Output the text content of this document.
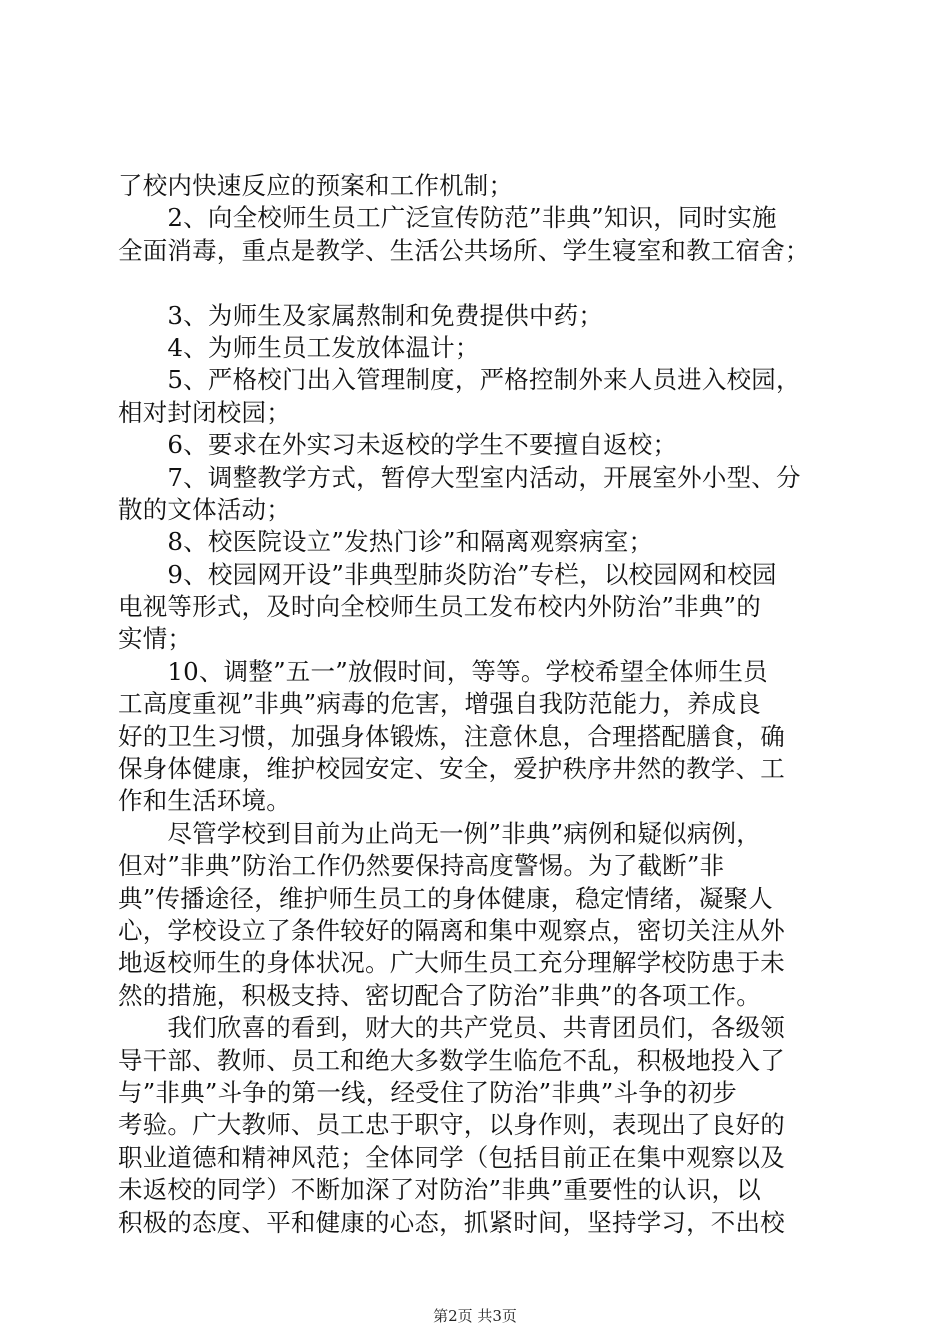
了校内快速反应的预案和工作机制；
　　2、向全校师生员工广泛宣传防范”非典”知识，同时实施
全面消毒，重点是教学、生活公共场所、学生寝室和教工宿舍；
　　3、为师生及家属熬制和免费提供中药；
　　4、为师生员工发放体温计；
　　5、严格校门出入管理制度，严格控制外来人员进入校园，
相对封闭校园；
　　6、要求在外实习未返校的学生不要擅自返校；
　　7、调整教学方式，暂停大型室内活动，开展室外小型、分
散的文体活动；
　　8、校医院设立”发热门诊”和隔离观察病室；
　　9、校园网开设”非典型肺炎防治”专栏，以校园网和校园
电视等形式，及时向全校师生员工发布校内外防治”非典”的
实情；
　　10、调整”五一”放假时间，等等。学校希望全体师生员
工高度重视”非典”病毒的危害，增强自我防范能力，养成良
好的卫生习惯，加强身体锻炼，注意休息，合理搭配膳食，确
保身体健康，维护校园安定、安全，爱护秩序井然的教学、工
作和生活环境。
　　尽管学校到目前为止尚无一例”非典”病例和疑似病例，
但对”非典”防治工作仍然要保持高度警惕。为了截断”非
典”传播途径，维护师生员工的身体健康，稳定情绪，凝聚人
心，学校设立了条件较好的隔离和集中观察点，密切关注从外
地返校师生的身体状况。广大师生员工充分理解学校防患于未
然的措施，积极支持、密切配合了防治”非典”的各项工作。
　　我们欣喜的看到，财大的共产党员、共青团员们，各级领
导干部、教师、员工和绝大多数学生临危不乱，积极地投入了
与”非典”斗争的第一线，经受住了防治”非典”斗争的初步
考验。广大教师、员工忠于职守，以身作则，表现出了良好的
职业道德和精神风范；全体同学（包括目前正在集中观察以及
未返校的同学）不断加深了对防治”非典”重要性的认识，以
积极的态度、平和健康的心态，抓紧时间，坚持学习，不出校
第2页 共3页
